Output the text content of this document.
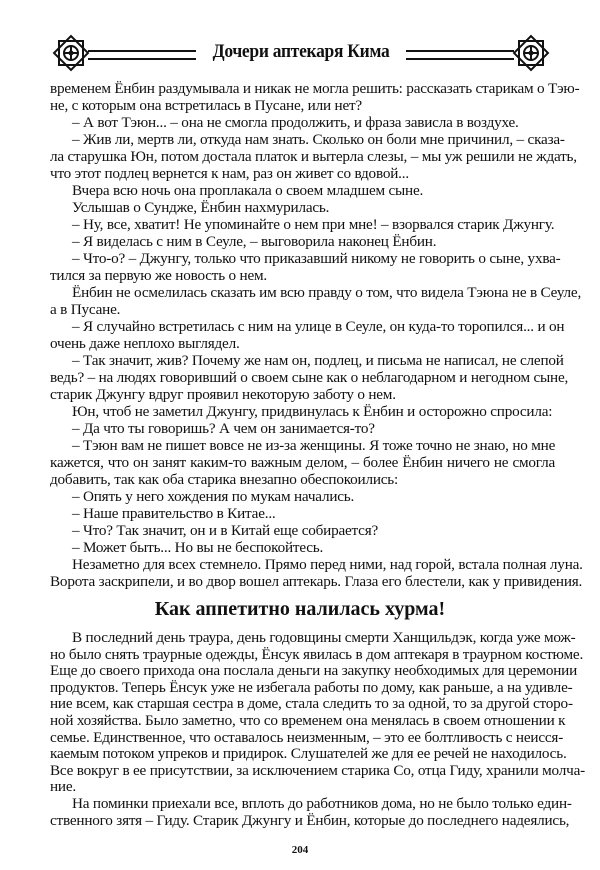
Дочери аптекаря Кима
временем Ёнбин раздумывала и никак не могла решить: рассказать старикам о Тэю-
не, с которым она встретилась в Пусане, или нет?
– А вот Тэюн... – она не смогла продолжить, и фраза зависла в воздухе.
– Жив ли, мертв ли, откуда нам знать. Сколько он боли мне причинил, – сказа-
ла старушка Юн, потом достала платок и вытерла слезы, – мы уж решили не ждать,
что этот подлец вернется к нам, раз он живет со вдовой...
Вчера всю ночь она проплакала о своем младшем сыне.
Услышав о Сундже, Ёнбин нахмурилась.
– Ну, все, хватит! Не упоминайте о нем при мне! – взорвался старик Джунгу.
– Я виделась с ним в Сеуле, – выговорила наконец Ёнбин.
– Что-о? – Джунгу, только что приказавший никому не говорить о сыне, ухва-
тился за первую же новость о нем.
Ёнбин не осмелилась сказать им всю правду о том, что видела Тэюна не в Сеуле,
а в Пусане.
– Я случайно встретилась с ним на улице в Сеуле, он куда-то торопился... и он
очень даже неплохо выглядел.
– Так значит, жив? Почему же нам он, подлец, и письма не написал, не слепой
ведь? – на людях говоривший о своем сыне как о неблагодарном и негодном сыне,
старик Джунгу вдруг проявил некоторую заботу о нем.
Юн, чтоб не заметил Джунгу, придвинулась к Ёнбин и осторожно спросила:
– Да что ты говоришь? А чем он занимается-то?
– Тэюн вам не пишет вовсе не из-за женщины. Я тоже точно не знаю, но мне
кажется, что он занят каким-то важным делом, – более Ёнбин ничего не смогла
добавить, так как оба старика внезапно обеспокоились:
– Опять у него хождения по мукам начались.
– Наше правительство в Китае...
– Что? Так значит, он и в Китай еще собирается?
– Может быть... Но вы не беспокойтесь.
Незаметно для всех стемнело. Прямо перед ними, над горой, встала полная луна.
Ворота заскрипели, и во двор вошел аптекарь. Глаза его блестели, как у привидения.
Как аппетитно налилась хурма!
В последний день траура, день годовщины смерти Ханщильдэк, когда уже мож-
но было снять траурные одежды, Ёнсук явилась в дом аптекаря в траурном костюме.
Еще до своего прихода она послала деньги на закупку необходимых для церемонии
продуктов. Теперь Ёнсук уже не избегала работы по дому, как раньше, а на удивле-
ние всем, как старшая сестра в доме, стала следить то за одной, то за другой сторо-
ной хозяйства. Было заметно, что со временем она менялась в своем отношении к
семье. Единственное, что оставалось неизменным, – это ее болтливость с неисся-
каемым потоком упреков и придирок. Слушателей же для ее речей не находилось.
Все вокруг в ее присутствии, за исключением старика Со, отца Гиду, хранили молча-
ние.
На поминки приехали все, вплоть до работников дома, но не было только един-
ственного зятя – Гиду. Старик Джунгу и Ёнбин, которые до последнего надеялись,
204
